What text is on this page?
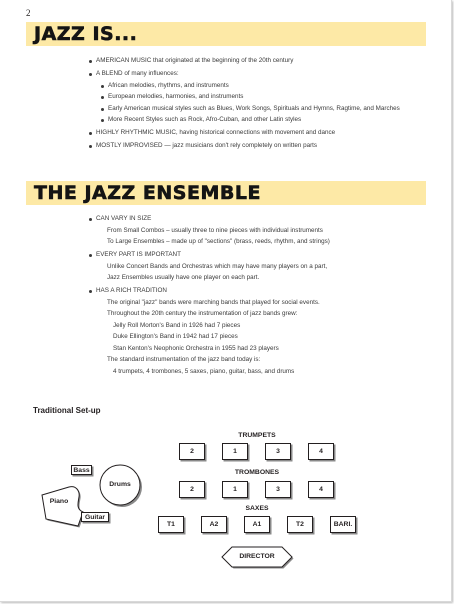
2
JAZZ IS...
AMERICAN MUSIC that originated at the beginning of the 20th century
A BLEND of many influences:
African melodies, rhythms, and instruments
European melodies, harmonies, and instruments
Early American musical styles such as Blues, Work Songs, Spirituals and Hymns, Ragtime, and Marches
More Recent Styles such as Rock, Afro-Cuban, and other Latin styles
HIGHLY RHYTHMIC MUSIC, having historical connections with movement and dance
MOSTLY IMPROVISED — jazz musicians don't rely completely on written parts
THE JAZZ ENSEMBLE
CAN VARY IN SIZE
From Small Combos – usually three to nine pieces with individual instruments
To Large Ensembles – made up of "sections" (brass, reeds, rhythm, and strings)
EVERY PART IS IMPORTANT
Unlike Concert Bands and Orchestras which may have many players on a part,
Jazz Ensembles usually have one player on each part.
HAS A RICH TRADITION
The original "jazz" bands were marching bands that played for social events.
Throughout the 20th century the instrumentation of jazz bands grew:
Jelly Roll Morton's Band in 1926 had 7 pieces
Duke Ellington's Band in 1942 had 17 pieces
Stan Kenton's Neophonic Orchestra in 1955 had 23 players
The standard instrumentation of the jazz band today is:
4 trumpets, 4 trombones, 5 saxes, piano, guitar, bass, and drums
Traditional Set-up
TRUMPETS
TROMBONES
SAXES
2	1	3	4
2	1	3	4
T1	A2	A1	T2	BARI.
Bass
Drums
Piano
Guitar
DIRECTOR
